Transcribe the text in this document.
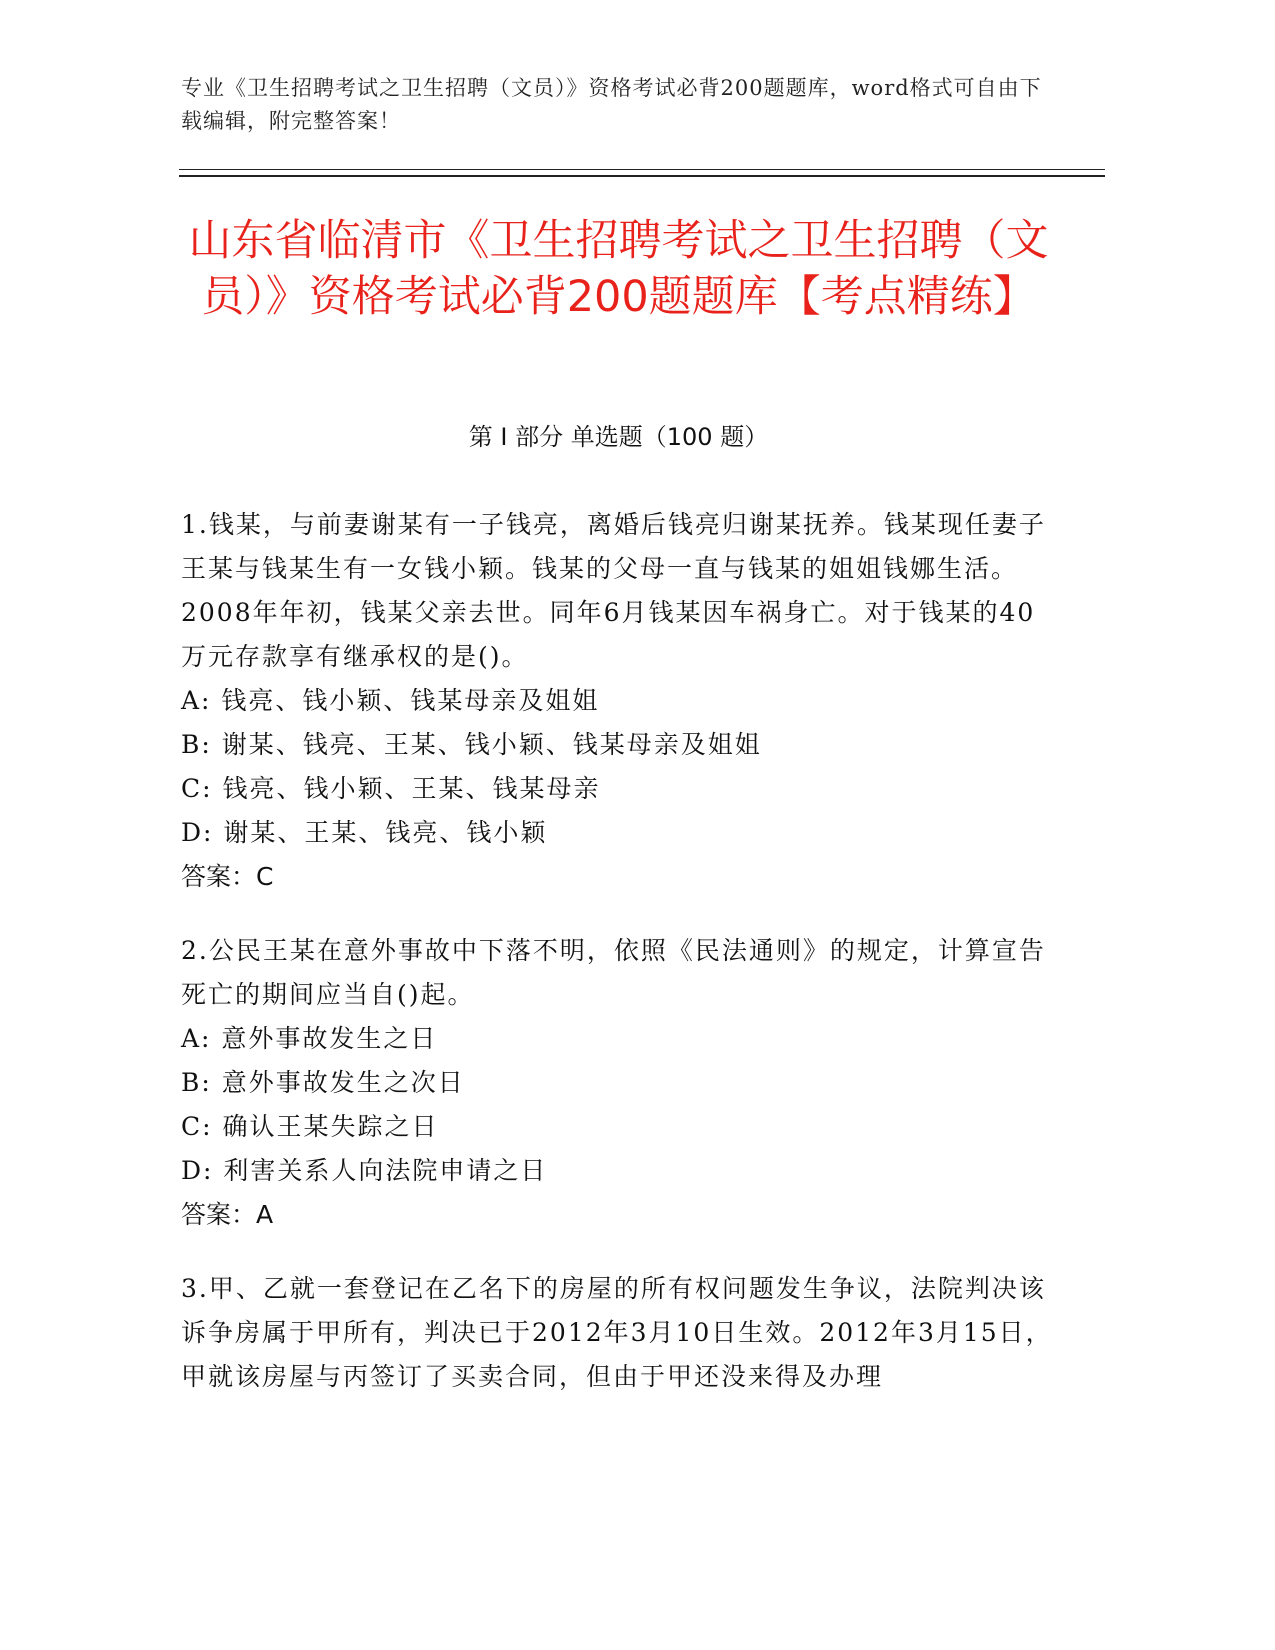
专业《卫生招聘考试之卫生招聘（文员）》资格考试必背200题题库，word格式可自由下载编辑，附完整答案！
山东省临清市《卫生招聘考试之卫生招聘（文员）》资格考试必背200题题库【考点精练】
第 I 部分 单选题（100 题）

1.钱某，与前妻谢某有一子钱亮，离婚后钱亮归谢某抚养。钱某现任妻子王某与钱某生有一女钱小颖。钱某的父母一直与钱某的姐姐钱娜生活。2008年年初，钱某父亲去世。同年6月钱某因车祸身亡。对于钱某的40万元存款享有继承权的是()。

A: 钱亮、钱小颖、钱某母亲及姐姐

B: 谢某、钱亮、王某、钱小颖、钱某母亲及姐姐

C: 钱亮、钱小颖、王某、钱某母亲

D: 谢某、王某、钱亮、钱小颖

答案：C

2.公民王某在意外事故中下落不明，依照《民法通则》的规定，计算宣告死亡的期间应当自()起。

A: 意外事故发生之日

B: 意外事故发生之次日

C: 确认王某失踪之日

D: 利害关系人向法院申请之日

答案：A

3.甲、乙就一套登记在乙名下的房屋的所有权问题发生争议，法院判决该诉争房属于甲所有，判决已于2012年3月10日生效。2012年3月15日，甲就该房屋与丙签订了买卖合同，但由于甲还没来得及办理
